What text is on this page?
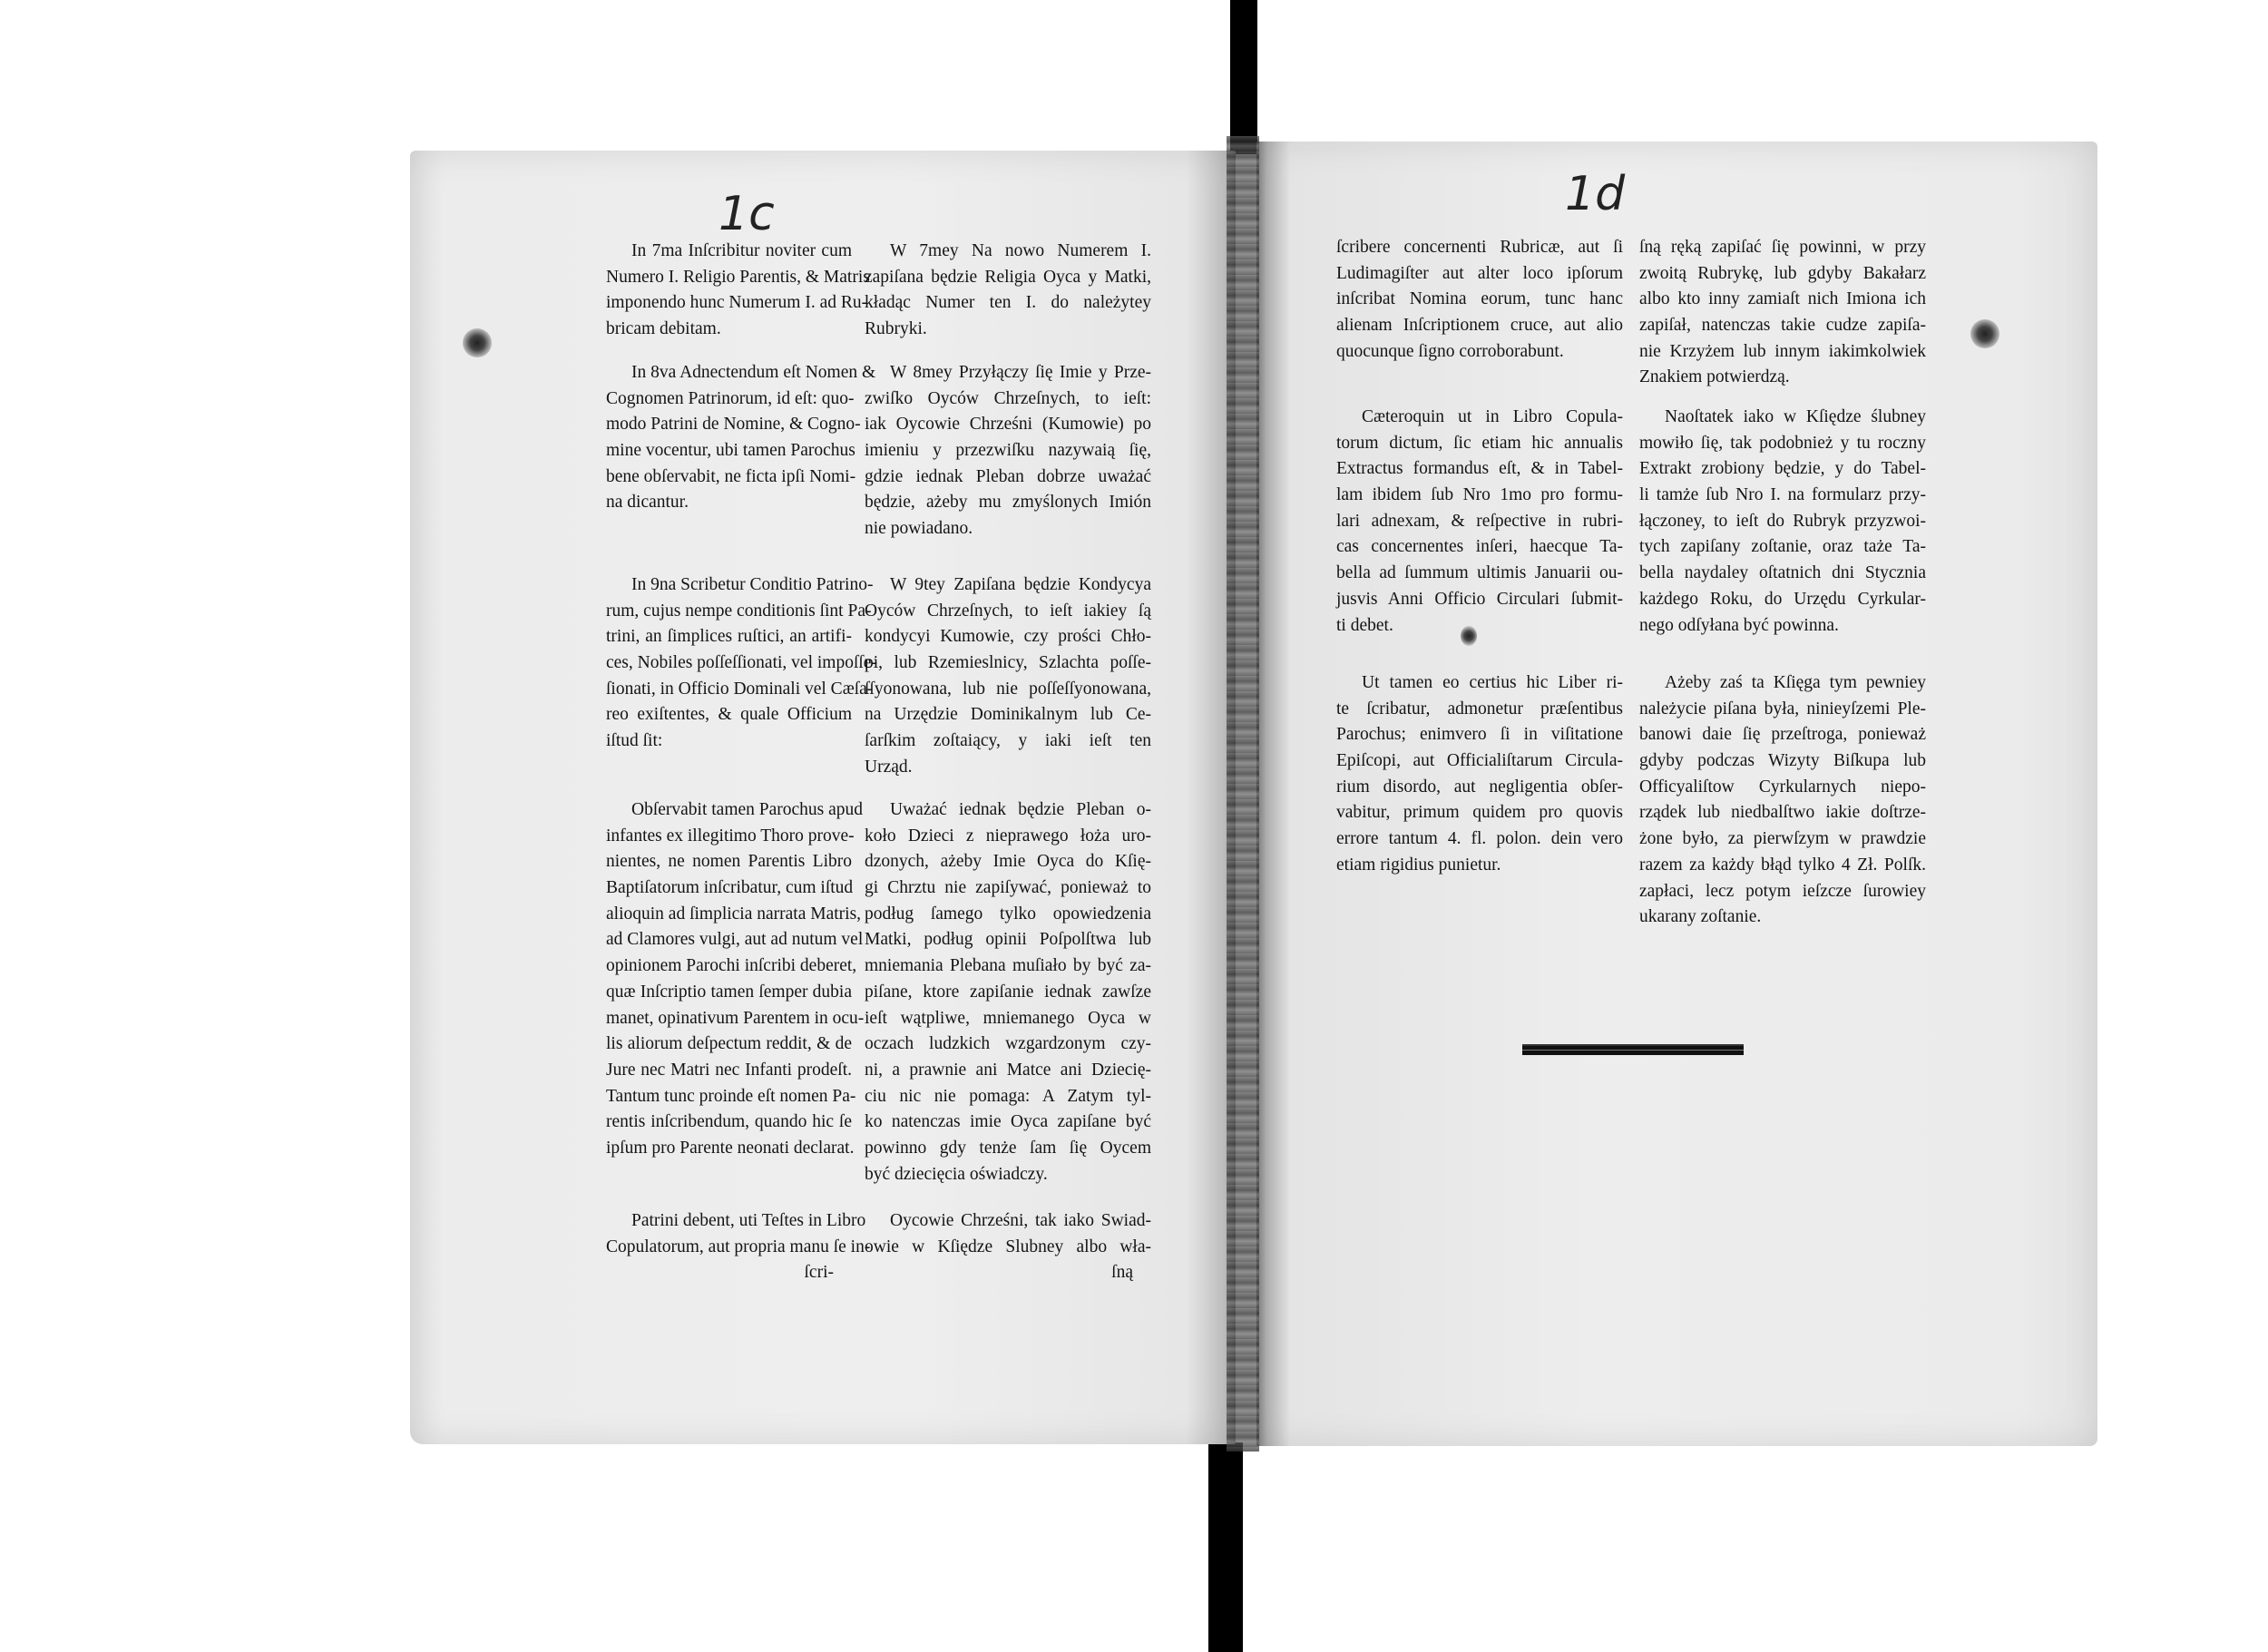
1c	1d
In 7ma Inſcribitur noviter cum
Numero I. Religio Parentis, & Matris
imponendo hunc Numerum I. ad Ru-
bricam debitam.
In 8va Adnectendum eſt Nomen &
Cognomen Patrinorum, id eſt: quo-
modo Patrini de Nomine, & Cogno-
mine vocentur, ubi tamen Parochus
bene obſervabit, ne ficta ipſi Nomi-
na dicantur.
In 9na Scribetur Conditio Patrino-
rum, cujus nempe conditionis ſint Pa-
trini, an ſimplices ruſtici, an artifi-
ces, Nobiles poſſeſſionati, vel impoſſe-
ſionati, in Officio Dominali vel Cæſa-
reo exiſtentes, & quale Officium
iſtud ſit:
Obſervabit tamen Parochus apud
infantes ex illegitimo Thoro prove-
nientes, ne nomen Parentis Libro
Baptiſatorum inſcribatur, cum iſtud
alioquin ad ſimplicia narrata Matris,
ad Clamores vulgi, aut ad nutum vel
opinionem Parochi inſcribi deberet,
quæ Inſcriptio tamen ſemper dubia
manet, opinativum Parentem in ocu-
lis aliorum deſpectum reddit, & de
Jure nec Matri nec Infanti prodeſt.
Tantum tunc proinde eſt nomen Pa-
rentis inſcribendum, quando hic ſe
ipſum pro Parente neonati declarat.
Patrini debent, uti Teſtes in Libro
Copulatorum, aut propria manu ſe in-
ſcri-
W 7mey Na nowo Numerem I.
zapiſana będzie Religia Oyca y Matki,
kładąc Numer ten I. do należytey
Rubryki.
W 8mey Przyłączy ſię Imie y Prze-
zwiſko Oyców Chrzeſnych, to ieſt:
iak Oycowie Chrześni (Kumowie) po
imieniu y przezwiſku nazywaią ſię,
gdzie iednak Pleban dobrze uważać
będzie, ażeby mu zmyślonych Imión
nie powiadano.
W 9tey Zapiſana będzie Kondycya
Oyców Chrzeſnych, to ieſt iakiey ſą
kondycyi Kumowie, czy prości Chło-
pi, lub Rzemieslnicy, Szlachta poſſe-
ſſyonowana, lub nie poſſeſſyonowana,
na Urzędzie Dominikalnym lub Ce-
ſarſkim zoſtaiący, y iaki ieſt ten
Urząd.
Uważać iednak będzie Pleban o-
koło Dzieci z nieprawego łoża uro-
dzonych, ażeby Imie Oyca do Kſię-
gi Chrztu nie zapiſywać, ponieważ to
podług ſamego tylko opowiedzenia
Matki, podług opinii Poſpolſtwa lub
mniemania Plebana muſiało by być za-
piſane, ktore zapiſanie iednak zawſze
ieſt wątpliwe, mniemanego Oyca w
oczach ludzkich wzgardzonym czy-
ni, a prawnie ani Matce ani Dziecię-
ciu nic nie pomaga: A Zatym tyl-
ko natenczas imie Oyca zapiſane być
powinno gdy tenże ſam ſię Oycem
być dziecięcia oświadczy.
Oycowie Chrześni, tak iako Swiad-
owie w Kſiędze Slubney albo wła-
ſną
ſcribere concernenti Rubricæ, aut ſi
Ludimagiſter aut alter loco ipſorum
inſcribat Nomina eorum, tunc hanc
alienam Inſcriptionem cruce, aut alio
quocunque ſigno corroborabunt.
Cæteroquin ut in Libro Copula-
torum dictum, ſic etiam hic annualis
Extractus formandus eſt, & in Tabel-
lam ibidem ſub Nro 1mo pro formu-
lari adnexam, & reſpective in rubri-
cas concernentes inſeri, haecque Ta-
bella ad ſummum ultimis Januarii ou-
jusvis Anni Officio Circulari ſubmit-
ti debet.
Ut tamen eo certius hic Liber ri-
te ſcribatur, admonetur præſentibus
Parochus; enimvero ſi in viſitatione
Epiſcopi, aut Officialiſtarum Circula-
rium disordo, aut negligentia obſer-
vabitur, primum quidem pro quovis
errore tantum 4. fl. polon. dein vero
etiam rigidius punietur.
ſną ręką zapiſać ſię powinni, w przy
zwoitą Rubrykę, lub gdyby Bakałarz
albo kto inny zamiaſt nich Imiona ich
zapiſał, natenczas takie cudze zapiſa-
nie Krzyżem lub innym iakimkolwiek
Znakiem potwierdzą.
Naoſtatek iako w Kſiędze ślubney
mowiło ſię, tak podobnież y tu roczny
Extrakt zrobiony będzie, y do Tabel-
li tamże ſub Nro I. na formularz przy-
łączoney, to ieſt do Rubryk przyzwoi-
tych zapiſany zoſtanie, oraz taże Ta-
bella naydaley oſtatnich dni Stycznia
każdego Roku, do Urzędu Cyrkular-
nego odſyłana być powinna.
Ażeby zaś ta Kſięga tym pewniey
należycie piſana była, ninieyſzemi Ple-
banowi daie ſię przeſtroga, ponieważ
gdyby podczas Wizyty Biſkupa lub
Officyaliſtow Cyrkularnych niepo-
rządek lub niedbalſtwo iakie doſtrze-
żone było, za pierwſzym w prawdzie
razem za każdy błąd tylko 4 Zł. Polſk.
zapłaci, lecz potym ieſzcze ſurowiey
ukarany zoſtanie.
